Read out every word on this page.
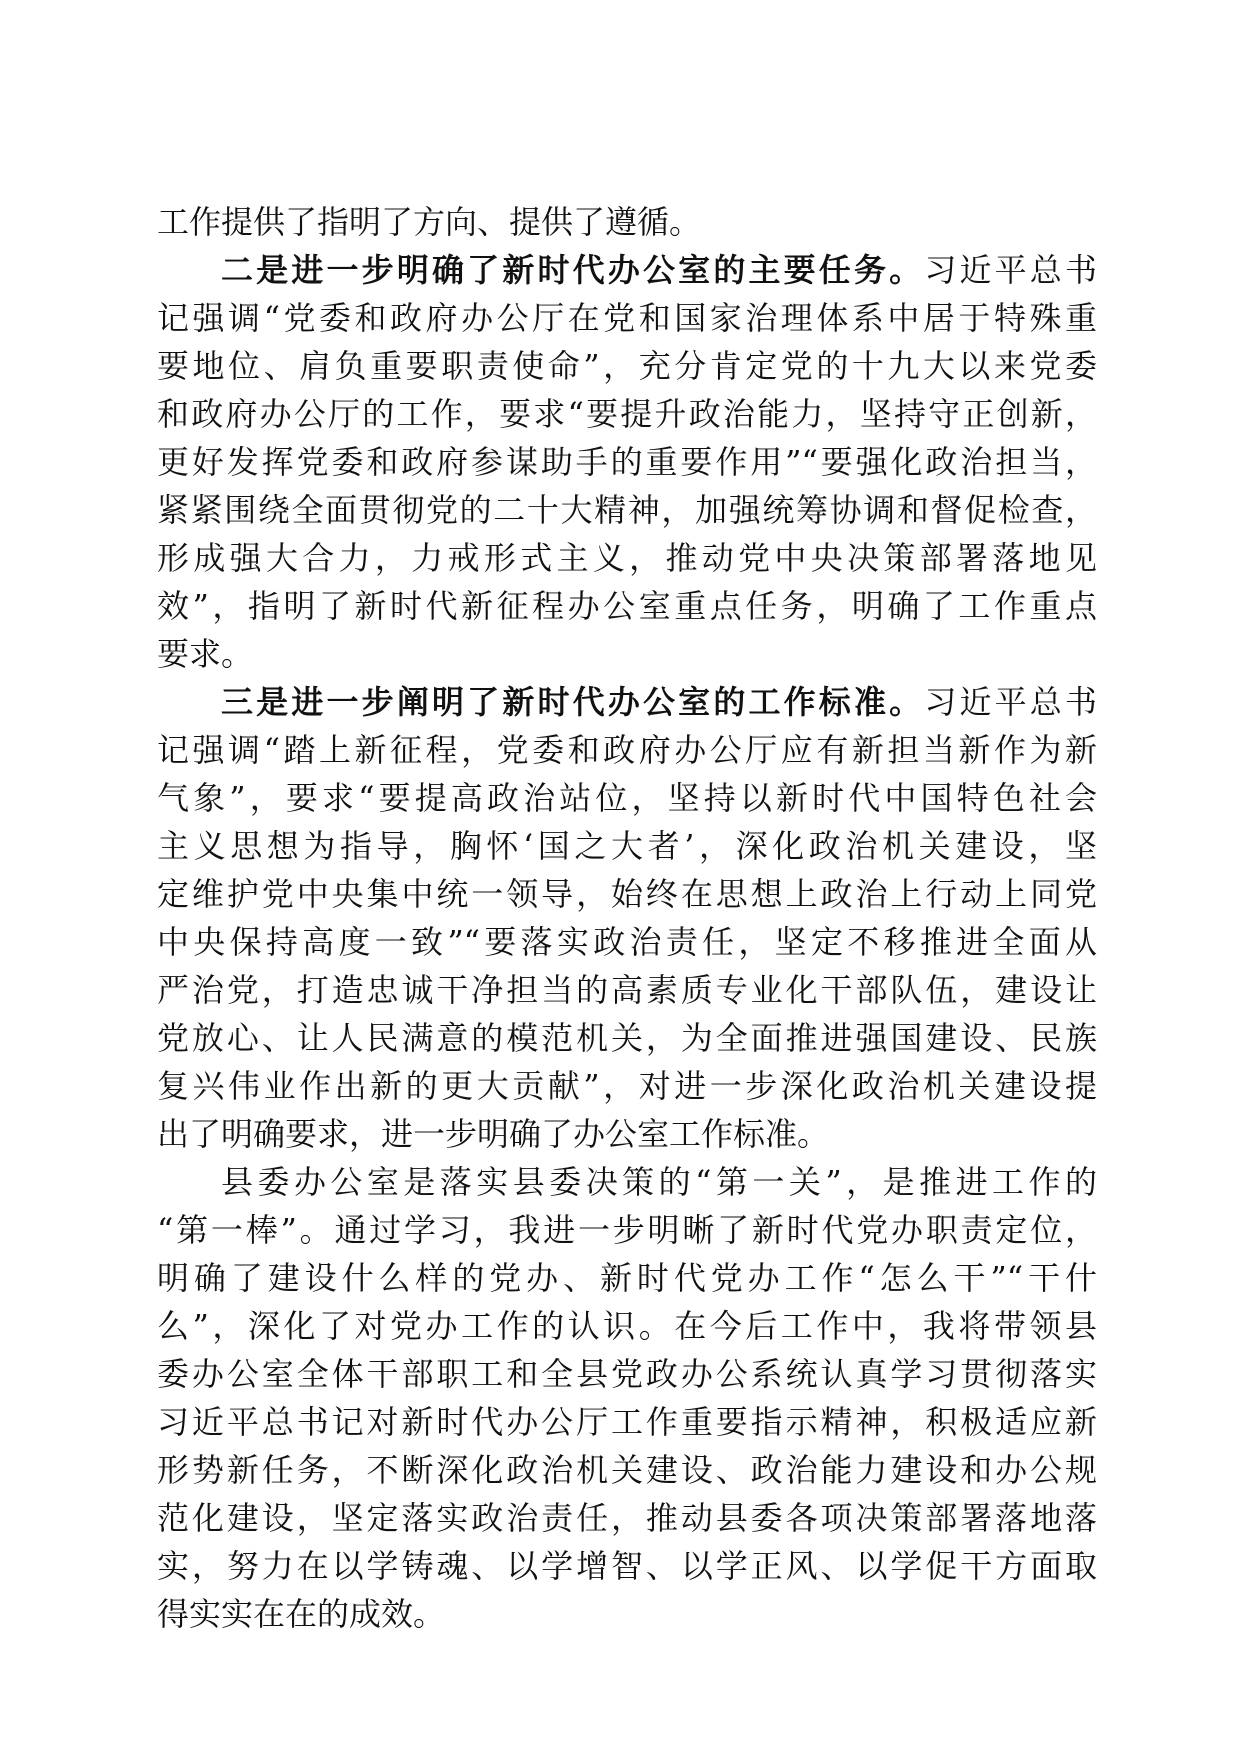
工作提供了指明了方向、提供了遵循。
二是进一步明确了新时代办公室的主要任务。习近平总书
记强调“党委和政府办公厅在党和国家治理体系中居于特殊重
要地位、肩负重要职责使命”，充分肯定党的十九大以来党委
和政府办公厅的工作，要求“要提升政治能力，坚持守正创新，
更好发挥党委和政府参谋助手的重要作用”“要强化政治担当，
紧紧围绕全面贯彻党的二十大精神，加强统筹协调和督促检查，
形成强大合力，力戒形式主义，推动党中央决策部署落地见
效”，指明了新时代新征程办公室重点任务，明确了工作重点
要求。
三是进一步阐明了新时代办公室的工作标准。习近平总书
记强调“踏上新征程，党委和政府办公厅应有新担当新作为新
气象”，要求“要提高政治站位，坚持以新时代中国特色社会
主义思想为指导，胸怀‘国之大者’，深化政治机关建设，坚
定维护党中央集中统一领导，始终在思想上政治上行动上同党
中央保持高度一致”“要落实政治责任，坚定不移推进全面从
严治党，打造忠诚干净担当的高素质专业化干部队伍，建设让
党放心、让人民满意的模范机关，为全面推进强国建设、民族
复兴伟业作出新的更大贡献”，对进一步深化政治机关建设提
出了明确要求，进一步明确了办公室工作标准。
县委办公室是落实县委决策的“第一关”，是推进工作的
“第一棒”。通过学习，我进一步明晰了新时代党办职责定位，
明确了建设什么样的党办、新时代党办工作“怎么干”“干什
么”，深化了对党办工作的认识。在今后工作中，我将带领县
委办公室全体干部职工和全县党政办公系统认真学习贯彻落实
习近平总书记对新时代办公厅工作重要指示精神，积极适应新
形势新任务，不断深化政治机关建设、政治能力建设和办公规
范化建设，坚定落实政治责任，推动县委各项决策部署落地落
实，努力在以学铸魂、以学增智、以学正风、以学促干方面取
得实实在在的成效。
